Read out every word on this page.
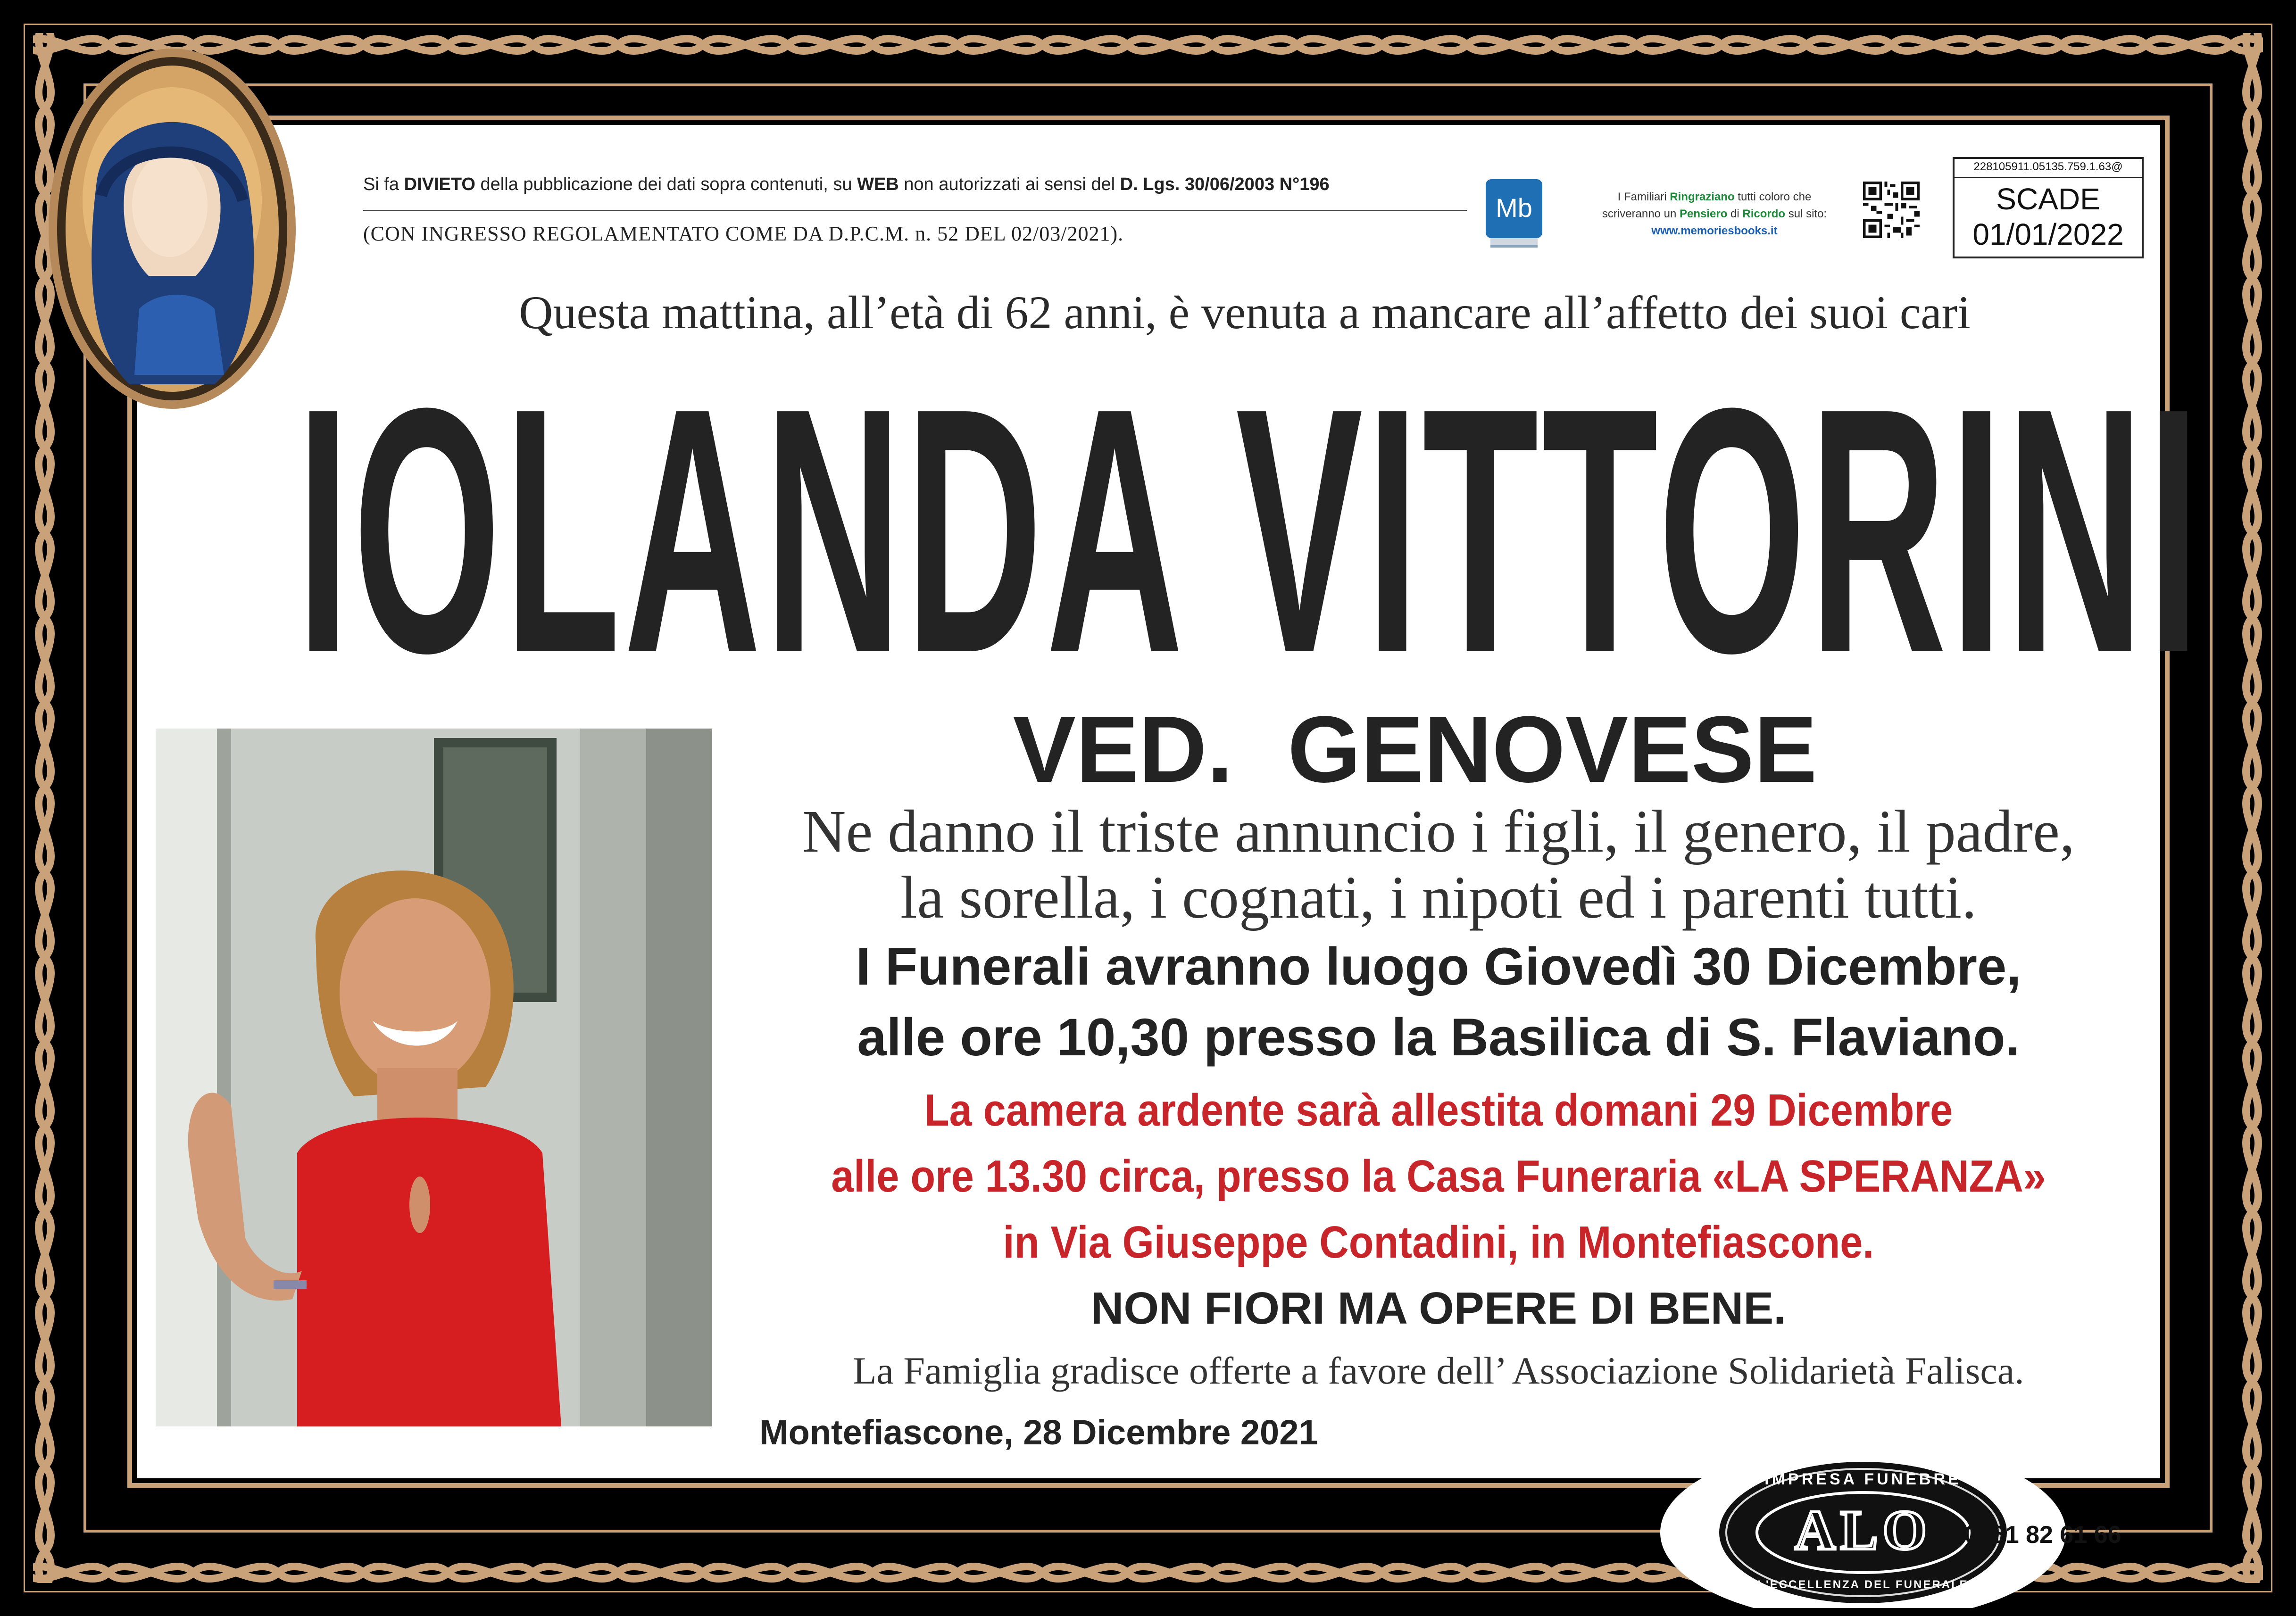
Si fa DIVIETO della pubblicazione dei dati sopra contenuti, su WEB non autorizzati ai sensi del D. Lgs. 30/06/2003 N°196
(CON INGRESSO REGOLAMENTATO COME DA D.P.C.M. n. 52 DEL 02/03/2021).
Mb	I Familiari Ringraziano tutti coloro che
scriveranno un Pensiero di Ricordo sul sito:
www.memoriesbooks.it
228105911.05135.759.1.63@
SCADE
01/01/2022
Questa mattina, all’età di 62 anni, è venuta a mancare all’affetto dei suoi cari
IOLANDA VITTORINI
VED. GENOVESE
Ne danno il triste annuncio i figli, il genero, il padre,
la sorella, i cognati, i nipoti ed i parenti tutti.
I Funerali avranno luogo Giovedì 30 Dicembre,
alle ore 10,30 presso la Basilica di S. Flaviano.
La camera ardente sarà allestita domani 29 Dicembre
alle ore 13.30 circa, presso la Casa Funeraria «LA SPERANZA»
in Via Giuseppe Contadini, in Montefiascone.
NON FIORI MA OPERE DI BENE.
La Famiglia gradisce offerte a favore dell’ Associazione Solidarietà Falisca.
Montefiascone, 28 Dicembre 2021
ALO
IMPRESA FUNEBRE
L'ECCELLENZA DEL FUNERALE
0761 82 61 66
